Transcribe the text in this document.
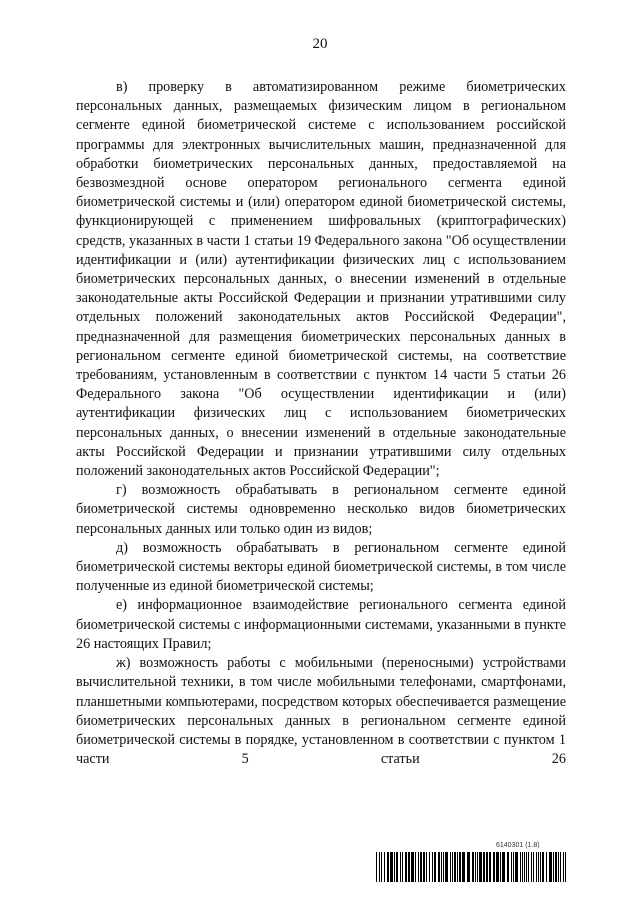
20

в) проверку в автоматизированном режиме биометрических персональных данных, размещаемых физическим лицом в региональном сегменте единой биометрической системе с использованием российской программы для электронных вычислительных машин, предназначенной для обработки биометрических персональных данных, предоставляемой на безвозмездной основе оператором регионального сегмента единой биометрической системы и (или) оператором единой биометрической системы, функционирующей с применением шифровальных (криптографических) средств, указанных в части 1 статьи 19 Федерального закона "Об осуществлении идентификации и (или) аутентификации физических лиц с использованием биометрических персональных данных, о внесении изменений в отдельные законодательные акты Российской Федерации и признании утратившими силу отдельных положений законодательных актов Российской Федерации", предназначенной для размещения биометрических персональных данных в региональном сегменте единой биометрической системы, на соответствие требованиям, установленным в соответствии с пунктом 14 части 5 статьи 26 Федерального закона "Об осуществлении идентификации и (или) аутентификации физических лиц с использованием биометрических персональных данных, о внесении изменений в отдельные законодательные акты Российской Федерации и признании утратившими силу отдельных положений законодательных актов Российской Федерации";

г) возможность обрабатывать в региональном сегменте единой биометрической системы одновременно несколько видов биометрических персональных данных или только один из видов;

д) возможность обрабатывать в региональном сегменте единой биометрической системы векторы единой биометрической системы, в том числе полученные из единой биометрической системы;

е) информационное взаимодействие регионального сегмента единой биометрической системы с информационными системами, указанными в пункте 26 настоящих Правил;

ж) возможность работы с мобильными (переносными) устройствами вычислительной техники, в том числе мобильными телефонами, смартфонами, планшетными компьютерами, посредством которых обеспечивается размещение биометрических персональных данных в региональном сегменте единой биометрической системы в порядке, установленном в соответствии с пунктом 1 части 5 статьи 26

6140301 (1.8)
